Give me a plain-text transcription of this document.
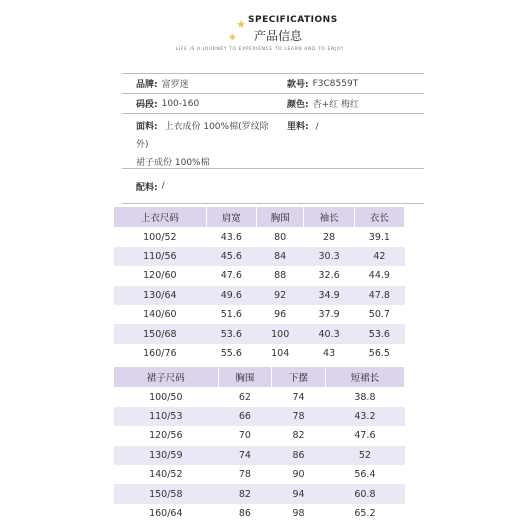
★
✱
SPECIFICATIONS
产品信息
LIFE IS A JOURNEY TO EXPERIENCE TO LEARN AND TO ENJOY
品牌: 富罗迷	款号: F3C8559T
码段: 100-160	颜色: 杏+红 梅红
面料: 上衣成份 100%棉(罗纹除
外)
裙子成份 100%棉
里料: /
配料: /
上衣尺码	肩宽	胸围	袖长	衣长
100/52	43.6	80	28	39.1
110/56	45.6	84	30.3	42
120/60	47.6	88	32.6	44.9
130/64	49.6	92	34.9	47.8
140/60	51.6	96	37.9	50.7
150/68	53.6	100	40.3	53.6
160/76	55.6	104	43	56.5
裙子尺码	胸围	下摆	短裙长
100/50	62	74	38.8
110/53	66	78	43.2
120/56	70	82	47.6
130/59	74	86	52
140/52	78	90	56.4
150/58	82	94	60.8
160/64	86	98	65.2
